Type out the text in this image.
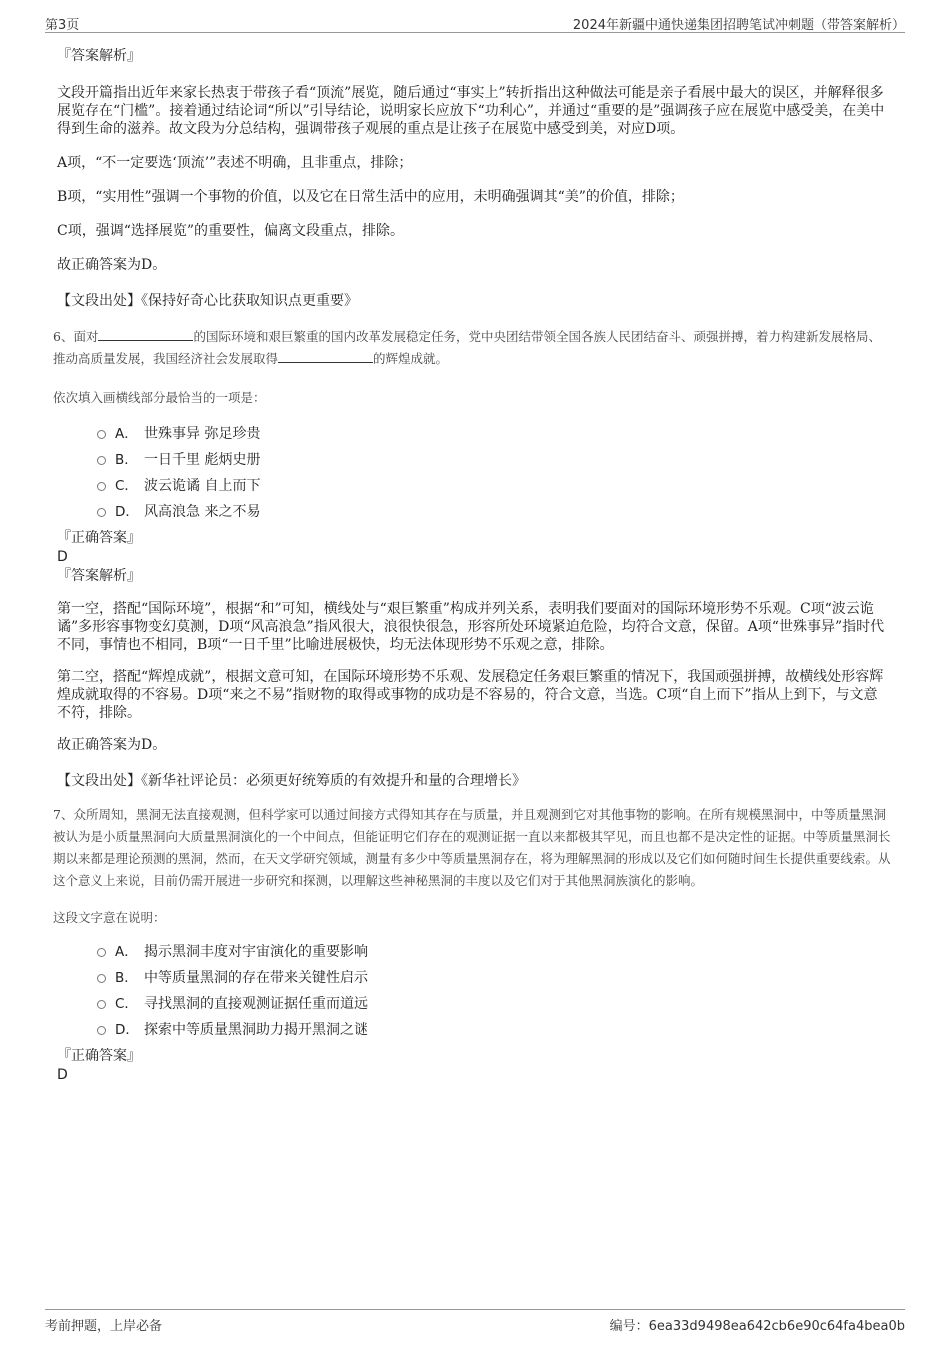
第3页	2024年新疆中通快递集团招聘笔试冲刺题（带答案解析）
『答案解析』
文段开篇指出近年来家长热衷于带孩子看“顶流”展览，随后通过“事实上”转折指出这种做法可能是亲子看展中最大的误区，并解释很多展览存在“门槛”。接着通过结论词“所以”引导结论，说明家长应放下“功利心”，并通过“重要的是”强调孩子应在展览中感受美，在美中得到生命的滋养。故文段为分总结构，强调带孩子观展的重点是让孩子在展览中感受到美，对应D项。
A项，“不一定要选‘顶流’”表述不明确，且非重点，排除；
B项，“实用性”强调一个事物的价值，以及它在日常生活中的应用，未明确强调其“美”的价值，排除；
C项，强调“选择展览”的重要性，偏离文段重点，排除。
故正确答案为D。
【文段出处】《保持好奇心比获取知识点更重要》
6、面对	的国际环境和艰巨繁重的国内改革发展稳定任务，党中央团结带领全国各族人民团结奋斗、顽强拼搏，着力构建新发展格局、推动高质量发展，我国经济社会发展取得	的辉煌成就。
依次填入画横线部分最恰当的一项是：
A． 世殊事异 弥足珍贵
B． 一日千里 彪炳史册
C． 波云诡谲 自上而下
D． 风高浪急 来之不易
『正确答案』
D
『答案解析』
第一空，搭配“国际环境”，根据“和”可知，横线处与“艰巨繁重”构成并列关系，表明我们要面对的国际环境形势不乐观。C项“波云诡谲”多形容事物变幻莫测，D项“风高浪急”指风很大，浪很快很急，形容所处环境紧迫危险，均符合文意，保留。A项“世殊事异”指时代不同，事情也不相同，B项“一日千里”比喻进展极快，均无法体现形势不乐观之意，排除。
第二空，搭配“辉煌成就”，根据文意可知，在国际环境形势不乐观、发展稳定任务艰巨繁重的情况下，我国顽强拼搏，故横线处形容辉煌成就取得的不容易。D项“来之不易”指财物的取得或事物的成功是不容易的，符合文意，当选。C项“自上而下”指从上到下，与文意不符，排除。
故正确答案为D。
【文段出处】《新华社评论员：必须更好统筹质的有效提升和量的合理增长》
7、众所周知，黑洞无法直接观测，但科学家可以通过间接方式得知其存在与质量，并且观测到它对其他事物的影响。在所有规模黑洞中，中等质量黑洞被认为是小质量黑洞向大质量黑洞演化的一个中间点，但能证明它们存在的观测证据一直以来都极其罕见，而且也都不是决定性的证据。中等质量黑洞长期以来都是理论预测的黑洞，然而，在天文学研究领域，测量有多少中等质量黑洞存在，将为理解黑洞的形成以及它们如何随时间生长提供重要线索。从这个意义上来说，目前仍需开展进一步研究和探测，以理解这些神秘黑洞的丰度以及它们对于其他黑洞族演化的影响。
这段文字意在说明：
A． 揭示黑洞丰度对宇宙演化的重要影响
B． 中等质量黑洞的存在带来关键性启示
C． 寻找黑洞的直接观测证据任重而道远
D． 探索中等质量黑洞助力揭开黑洞之谜
『正确答案』
D
考前押题，上岸必备	编号：6ea33d9498ea642cb6e90c64fa4bea0b
